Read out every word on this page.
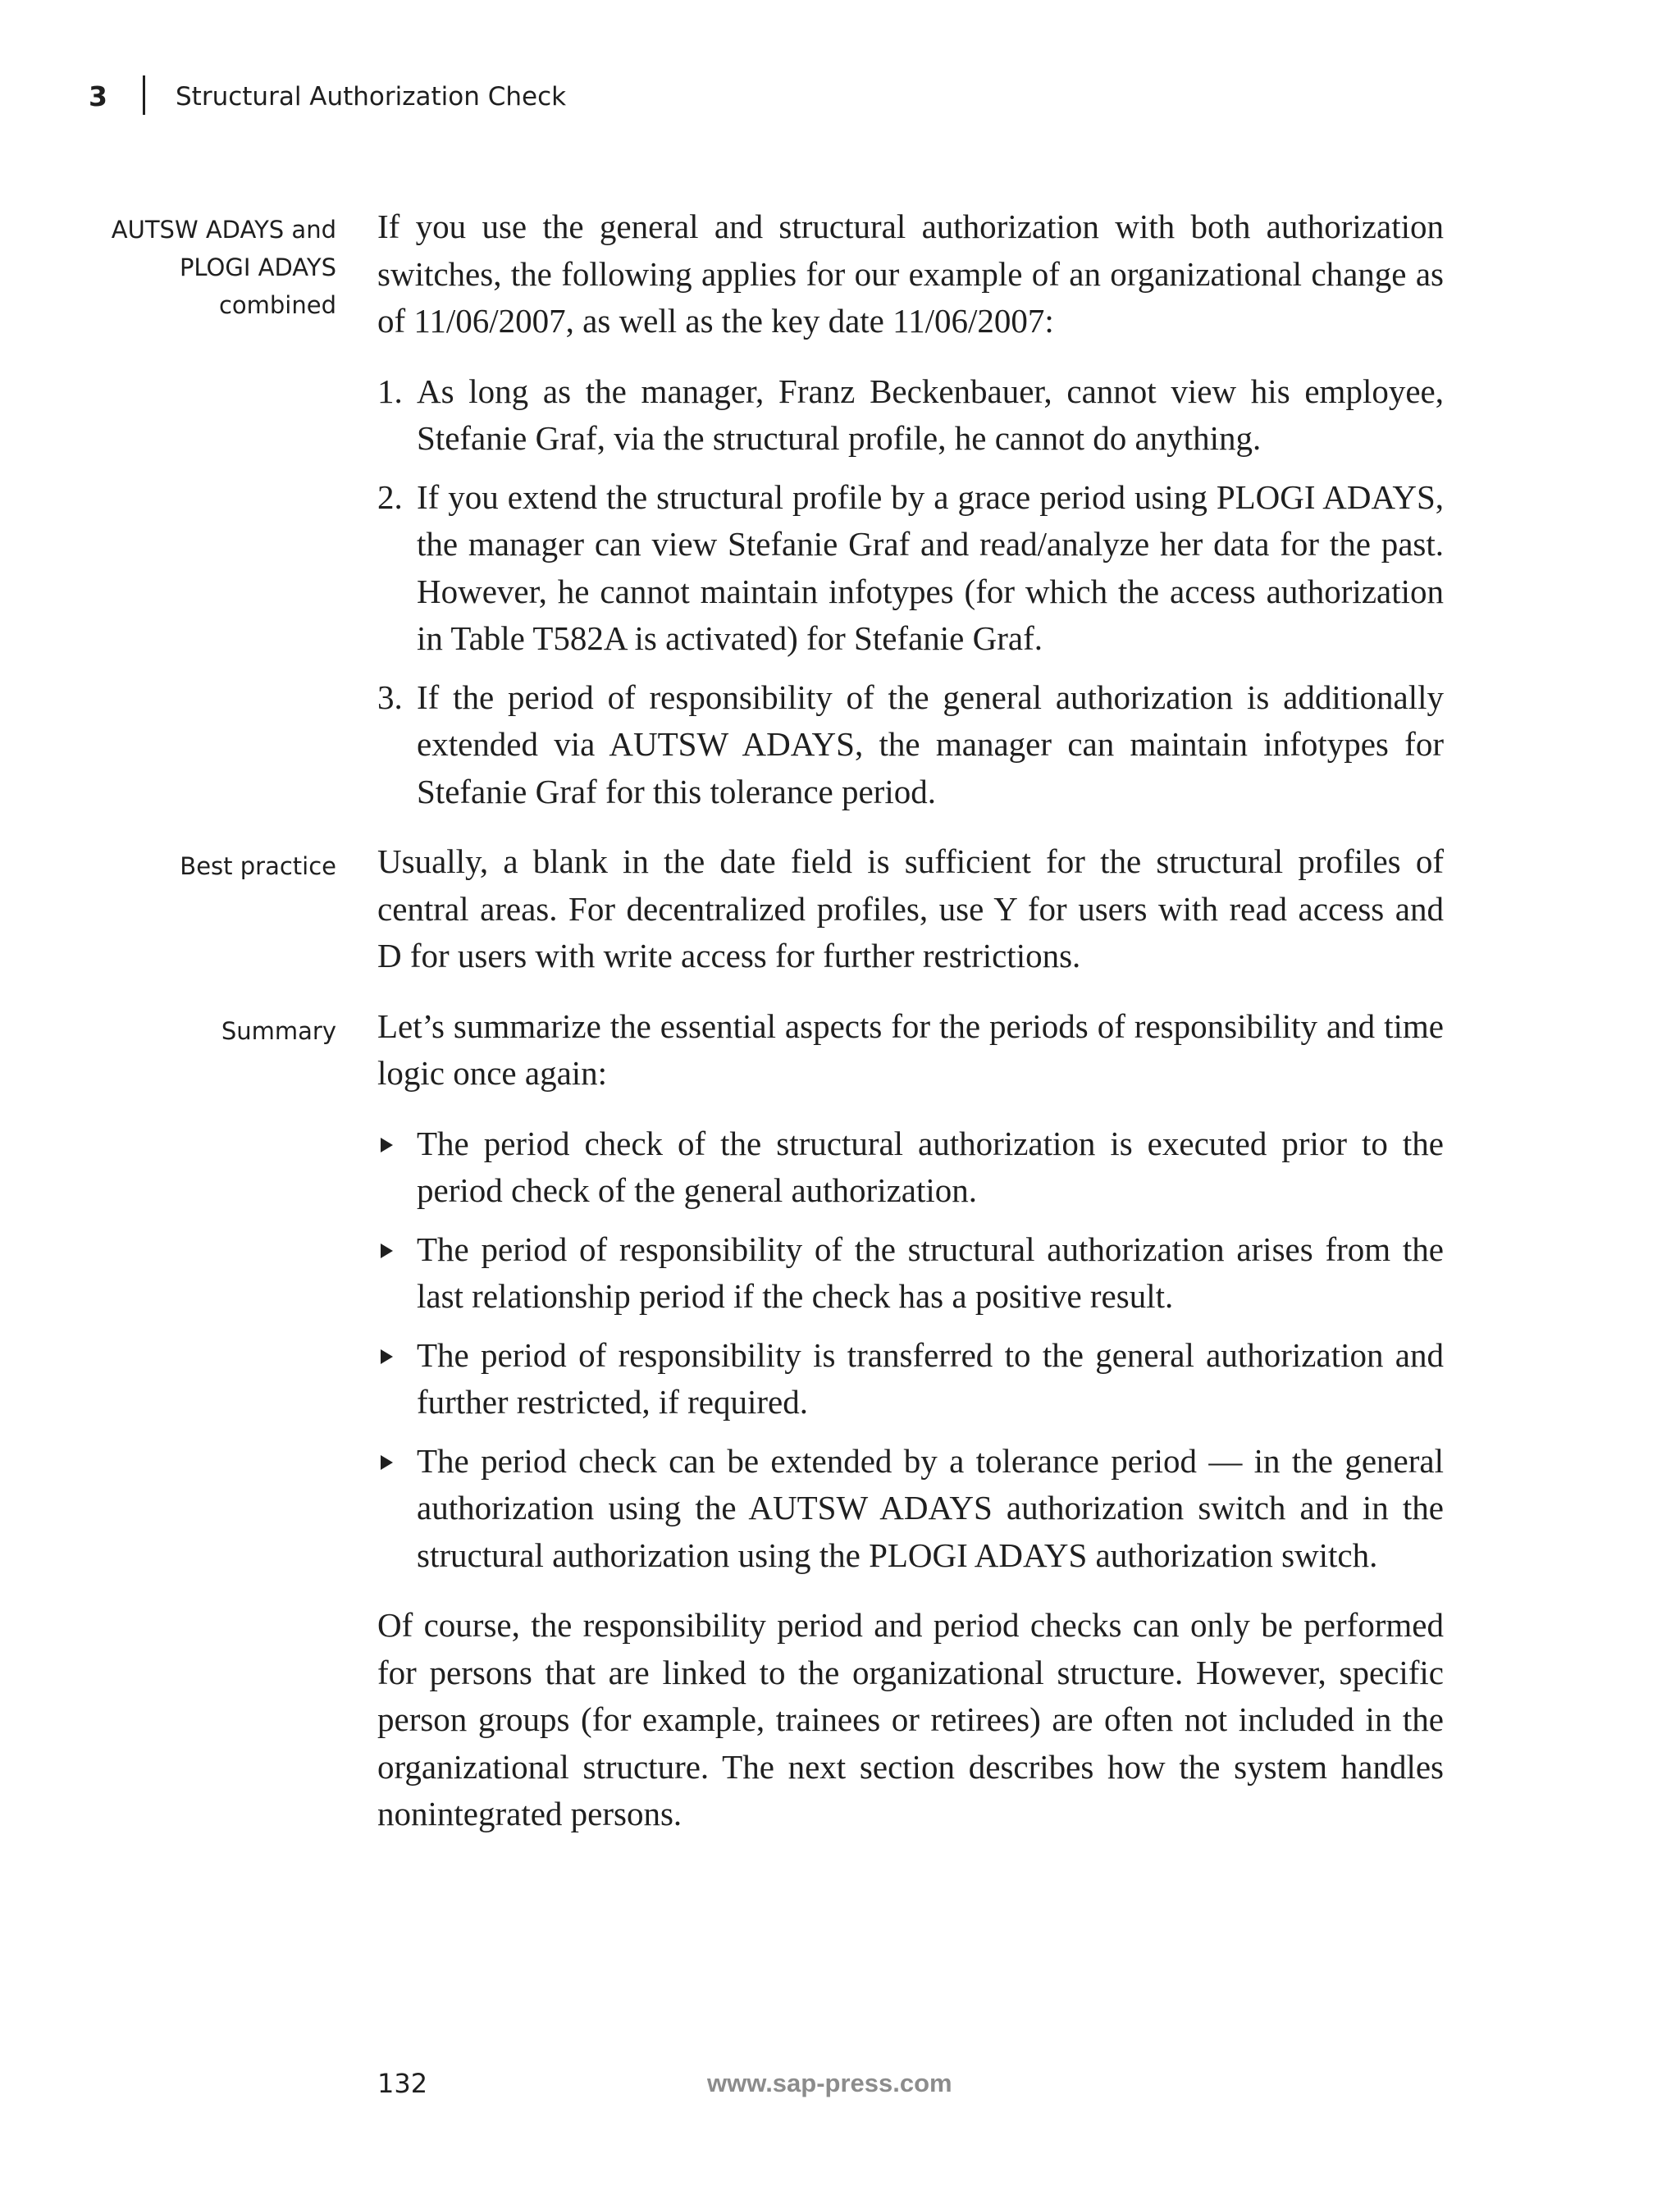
3	Structural Authorization Check
AUTSW ADAYS and PLOGI ADAYS combined
Best practice
Summary

If you use the general and structural authorization with both authorization switches, the following applies for our example of an organizational change as of 11/06/2007, as well as the key date 11/06/2007:

1. As long as the manager, Franz Beckenbauer, cannot view his employee, Stefanie Graf, via the structural profile, he cannot do anything.
2. If you extend the structural profile by a grace period using PLOGI ADAYS, the manager can view Stefanie Graf and read/analyze her data for the past. However, he cannot maintain infotypes (for which the access authorization in Table T582A is activated) for Stefanie Graf.
3. If the period of responsibility of the general authorization is additionally extended via AUTSW ADAYS, the manager can maintain infotypes for Stefanie Graf for this tolerance period.

Usually, a blank in the date field is sufficient for the structural profiles of central areas. For decentralized profiles, use Y for users with read access and D for users with write access for further restrictions.

Let’s summarize the essential aspects for the periods of responsibility and time logic once again:

The period check of the structural authorization is executed prior to the period check of the general authorization.
The period of responsibility of the structural authorization arises from the last relationship period if the check has a positive result.
The period of responsibility is transferred to the general authorization and further restricted, if required.
The period check can be extended by a tolerance period — in the general authorization using the AUTSW ADAYS authorization switch and in the structural authorization using the PLOGI ADAYS authorization switch.

Of course, the responsibility period and period checks can only be performed for persons that are linked to the organizational structure. However, specific person groups (for example, trainees or retirees) are often not included in the organizational structure. The next section describes how the system handles nonintegrated persons.

132	www.sap-press.com
